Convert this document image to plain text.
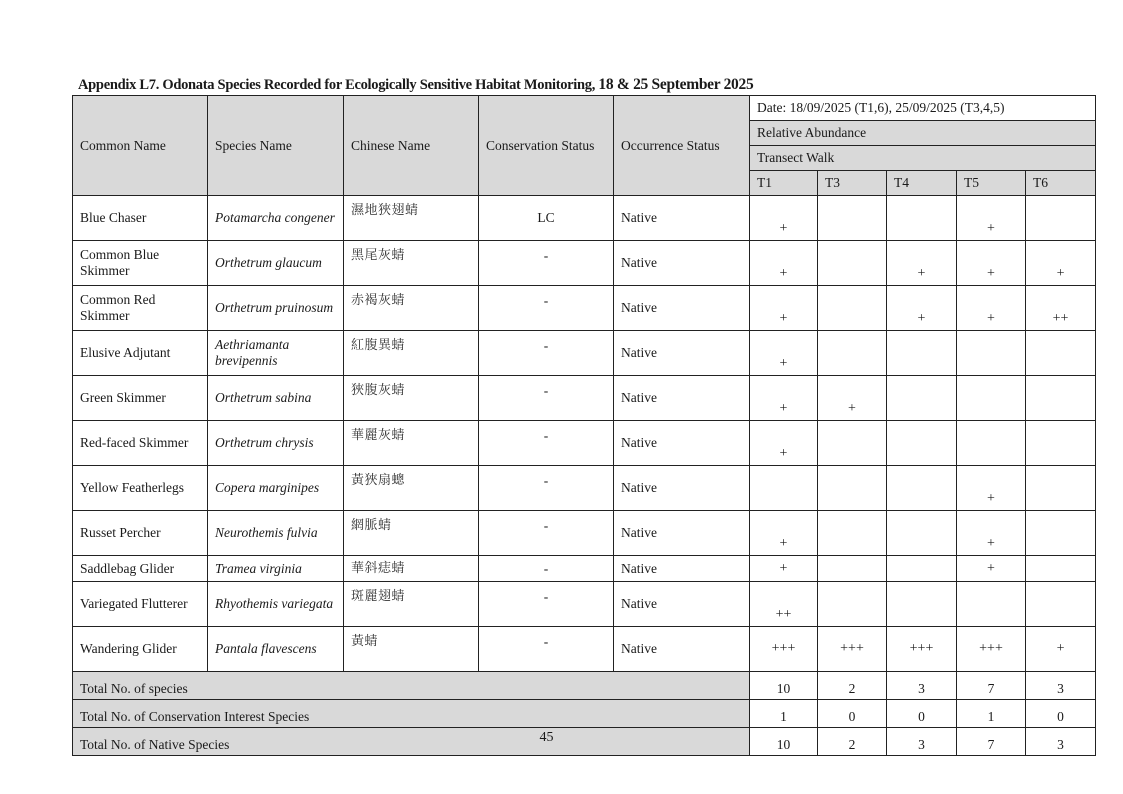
Appendix L7. Odonata Species Recorded for Ecologically Sensitive Habitat Monitoring, 18 & 25 September 2025
Common Name	Species Name	Chinese Name	Conservation Status	Occurrence Status	Date: 18/09/2025 (T1,6), 25/09/2025 (T3,4,5)				
					Relative Abundance				
					Transect Walk				
					T1	T3	T4	T5	T6
Blue Chaser	Potamarcha congener	濕地狹翅蜻	LC	Native	+			+	
Common Blue Skimmer	Orthetrum glaucum	黑尾灰蜻	-	Native	+		+	+	+
Common Red Skimmer	Orthetrum pruinosum	赤褐灰蜻	-	Native	+		+	+	++
Elusive Adjutant	Aethriamanta brevipennis	紅腹異蜻	-	Native	+				
Green Skimmer	Orthetrum sabina	狹腹灰蜻	-	Native	+	+			
Red-faced Skimmer	Orthetrum chrysis	華麗灰蜻	-	Native	+				
Yellow Featherlegs	Copera marginipes	黃狹扇蟌	-	Native				+	
Russet Percher	Neurothemis fulvia	網脈蜻	-	Native	+			+	
Saddlebag Glider	Tramea virginia	華斜痣蜻	-	Native	+			+	
Variegated Flutterer	Rhyothemis variegata	斑麗翅蜻	-	Native	++				
Wandering Glider	Pantala flavescens	黃蜻	-	Native	+++	+++	+++	+++	+
Total No. of species					10	2	3	7	3
Total No. of Conservation Interest Species					1	0	0	1	0
Total No. of Native Species					10	2	3	7	3
45
